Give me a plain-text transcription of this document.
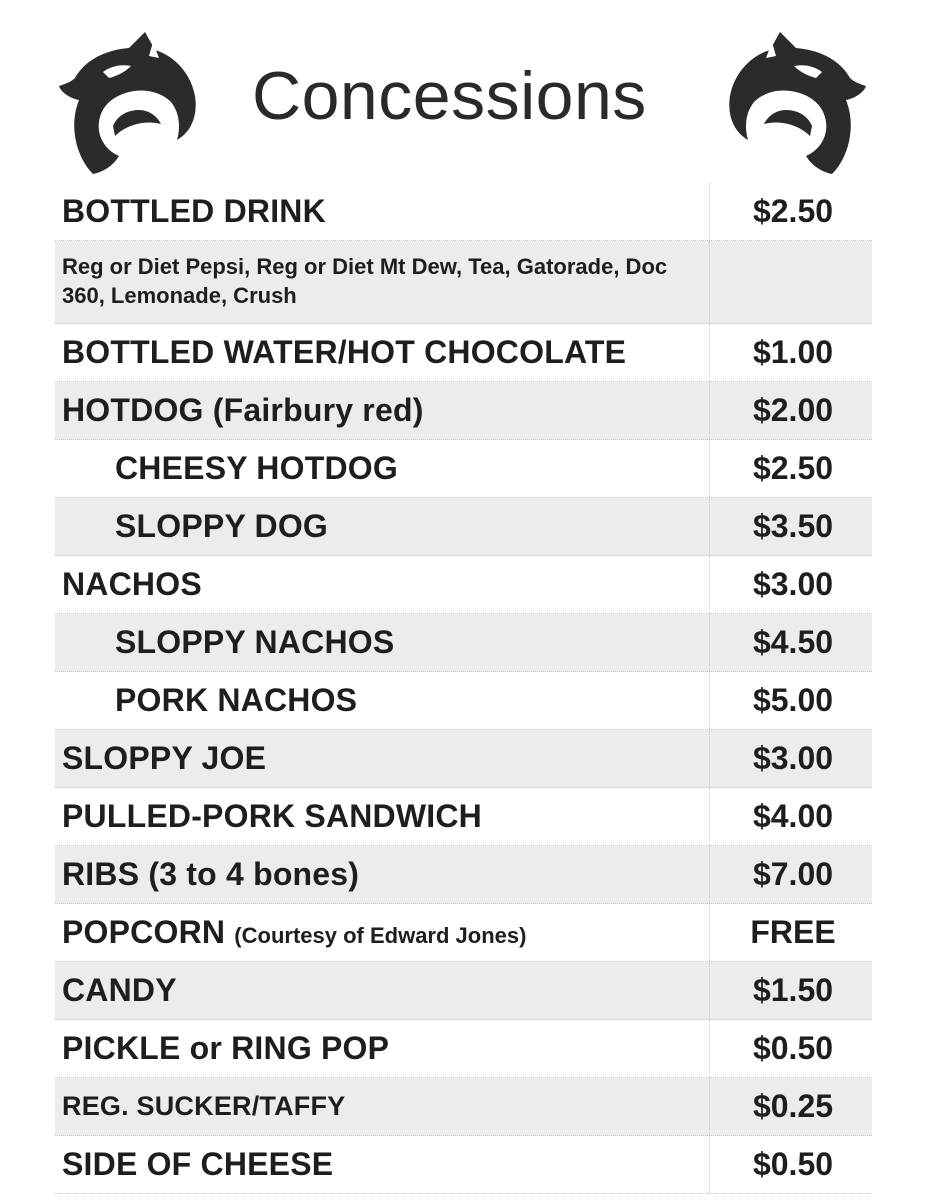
Concessions
BOTTLED DRINK	$2.50
Reg or Diet Pepsi, Reg or Diet Mt Dew, Tea, Gatorade, Doc 360, Lemonade, Crush
BOTTLED WATER/HOT CHOCOLATE	$1.00
HOTDOG (Fairbury red)	$2.00
CHEESY HOTDOG	$2.50
SLOPPY DOG	$3.50
NACHOS	$3.00
SLOPPY NACHOS	$4.50
PORK NACHOS	$5.00
SLOPPY JOE	$3.00
PULLED-PORK SANDWICH	$4.00
RIBS (3 to 4 bones)	$7.00
POPCORN (Courtesy of Edward Jones)	FREE
CANDY	$1.50
PICKLE or RING POP	$0.50
REG. SUCKER/TAFFY	$0.25
SIDE OF CHEESE	$0.50
